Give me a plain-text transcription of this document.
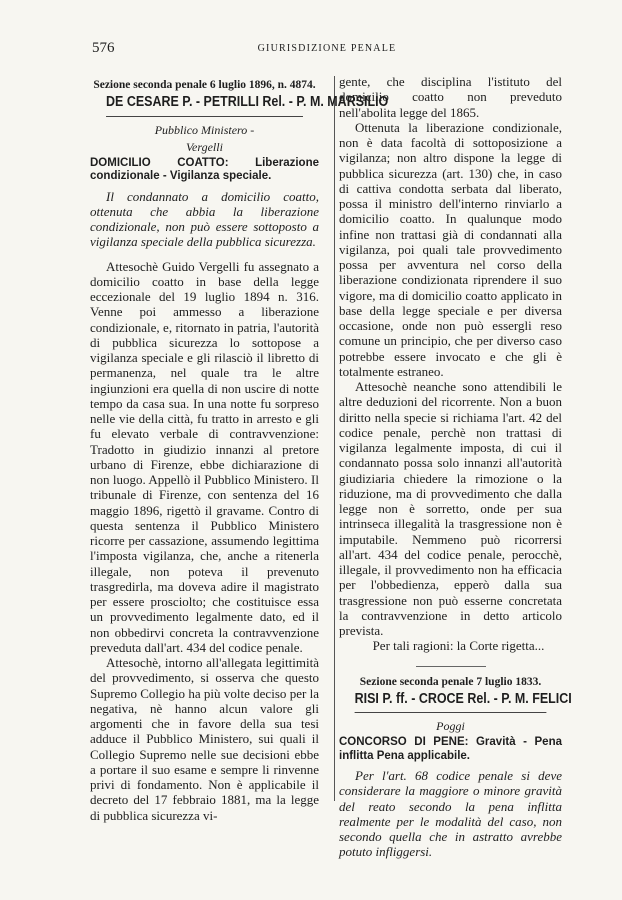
576	GIURISDIZIONE PENALE
Sezione seconda penale 6 luglio 1896, n. 4874.
DE CESARE P. - PETRILLI Rel. - P. M. MARSILIO
Pubblico Ministero -
Vergelli
DOMICILIO COATTO: Liberazione condizionale - Vigilanza speciale.

Il condannato a domicilio coatto, ottenuta che abbia la liberazione condizionale, non può essere sottoposto a vigilanza speciale della pubblica sicurezza.

Attesochè Guido Vergelli fu assegnato a domicilio coatto in base della legge eccezionale del 19 luglio 1894 n. 316. Venne poi ammesso a liberazione condizionale, e, ritornato in patria, l'autorità di pubblica sicurezza lo sottopose a vigilanza speciale e gli rilasciò il libretto di permanenza, nel quale tra le altre ingiunzioni era quella di non uscire di notte tempo da casa sua. In una notte fu sorpreso nelle vie della città, fu tratto in arresto e gli fu elevato verbale di contravvenzione: Tradotto in giudizio innanzi al pretore urbano di Firenze, ebbe dichiarazione di non luogo. Appellò il Pubblico Ministero. Il tribunale di Firenze, con sentenza del 16 maggio 1896, rigettò il gravame. Contro di questa sentenza il Pubblico Ministero ricorre per cassazione, assumendo legittima l'imposta vigilanza, che, anche a ritenerla illegale, non poteva il prevenuto trasgredirla, ma doveva adire il magistrato per essere prosciolto; che costituisce essa un provvedimento legalmente dato, ed il non obbedirvi concreta la contravvenzione preveduta dall'art. 434 del codice penale.

Attesochè, intorno all'allegata legittimità del provvedimento, si osserva che questo Supremo Collegio ha più volte deciso per la negativa, nè hanno alcun valore gli argomenti che in favore della sua tesi adduce il Pubblico Ministero, sui quali il Collegio Supremo nelle sue decisioni ebbe a portare il suo esame e sempre li rinvenne privi di fondamento. Non è applicabile il decreto del 17 febbraio 1881, ma la legge di pubblica sicurezza vi-

gente, che disciplina l'istituto del domicilio coatto non preveduto nell'abolita legge del 1865.

Ottenuta la liberazione condizionale, non è data facoltà di sottoposizione a vigilanza; non altro dispone la legge di pubblica sicurezza (art. 130) che, in caso di cattiva condotta serbata dal liberato, possa il ministro dell'interno rinviarlo a domicilio coatto. In qualunque modo infine non trattasi già di condannati alla vigilanza, poi quali tale provvedimento possa per avventura nel corso della liberazione condizionata riprendere il suo vigore, ma di domicilio coatto applicato in base della legge speciale e per diversa occasione, onde non può essergli reso comune un principio, che per diverso caso potrebbe essere invocato e che gli è totalmente estraneo.

Attesochè neanche sono attendibili le altre deduzioni del ricorrente. Non a buon diritto nella specie si richiama l'art. 42 del codice penale, perchè non trattasi di vigilanza legalmente imposta, di cui il condannato possa solo innanzi all'autorità giudiziaria chiedere la rimozione o la riduzione, ma di provvedimento che dalla legge non è sorretto, onde per sua intrinseca illegalità la trasgressione non è imputabile. Nemmeno può ricorrersi all'art. 434 del codice penale, perocchè, illegale, il provvedimento non ha efficacia per l'obbedienza, epperò dalla sua trasgressione non può esserne concretata la contravvenzione in detto articolo prevista.

Per tali ragioni: la Corte rigetta...

Sezione seconda penale 7 luglio 1833.
RISI P. ff. - CROCE Rel. - P. M. FELICI
Poggi
CONCORSO DI PENE: Gravità - Pena inflitta Pena applicabile.

Per l'art. 68 codice penale si deve considerare la maggiore o minore gravità del reato secondo la pena inflitta realmente per le modalità del caso, non secondo quella che in astratto avrebbe potuto infliggersi.
